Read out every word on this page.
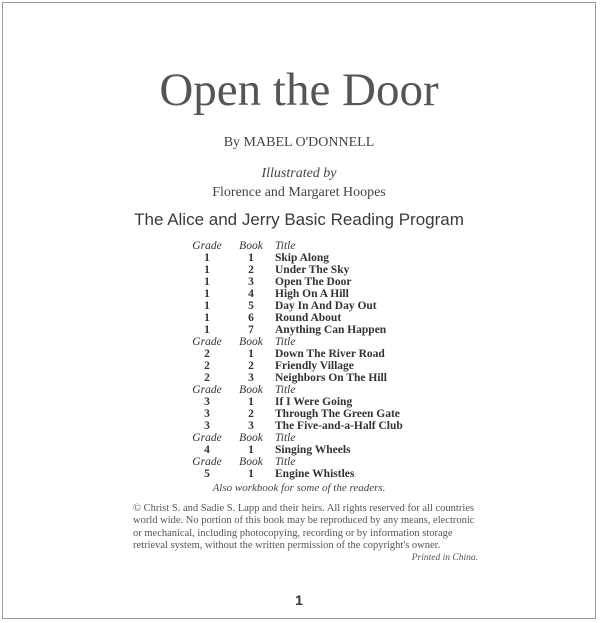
Open the Door
By MABEL O'DONNELL
Illustrated by
Florence and Margaret Hoopes
The Alice and Jerry Basic Reading Program
Grade	Book	Title
1	1	Skip Along
1	2	Under The Sky
1	3	Open The Door
1	4	High On A Hill
1	5	Day In And Day Out
1	6	Round About
1	7	Anything Can Happen
Grade	Book	Title
2	1	Down The River Road
2	2	Friendly Village
2	3	Neighbors On The Hill
Grade	Book	Title
3	1	If I Were Going
3	2	Through The Green Gate
3	3	The Five-and-a-Half Club
Grade	Book	Title
4	1	Singing Wheels
Grade	Book	Title
5	1	Engine Whistles
Also workbook for some of the readers.

© Christ S. and Sadie S. Lapp and their heirs. All rights reserved for all countries world wide. No portion of this book may be reproduced by any means, electronic or mechanical, including photocopying, recording or by information storage retrieval system, without the written permission of the copyright's owner.
Printed in China.

1
